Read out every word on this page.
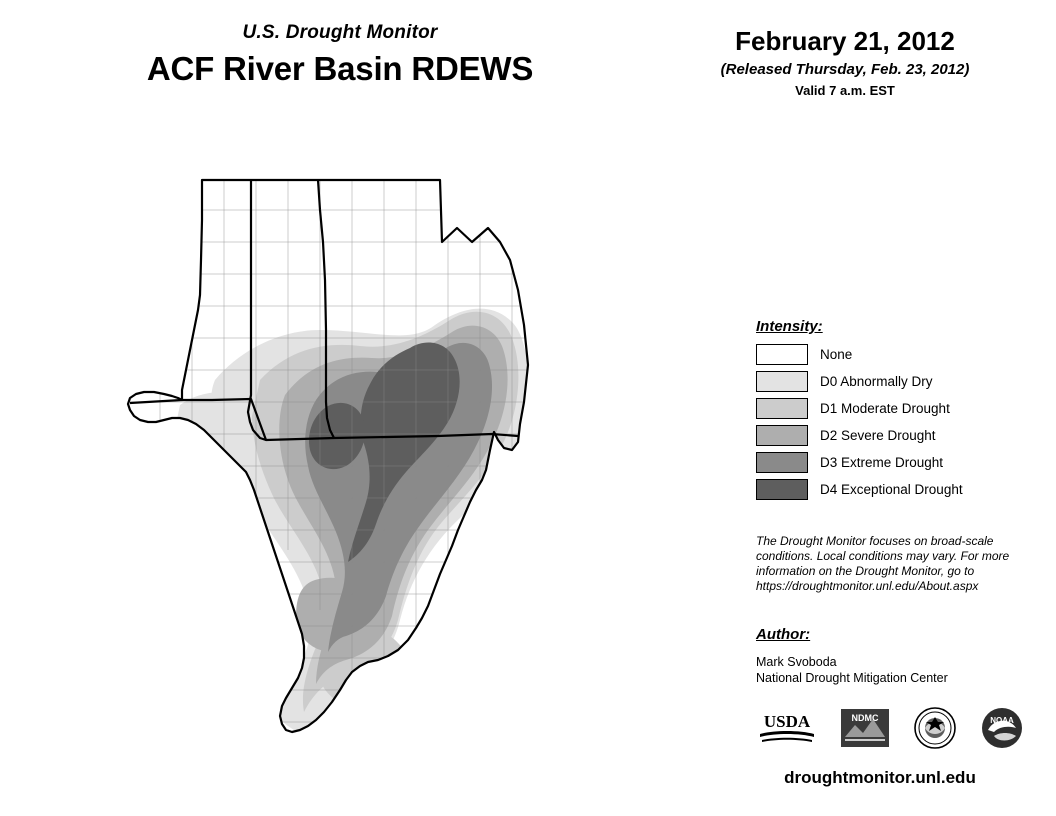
U.S. Drought Monitor
ACF River Basin RDEWS
February 21, 2012
(Released Thursday, Feb. 23, 2012)
Valid 7 a.m. EST
Intensity:
None
D0 Abnormally Dry
D1 Moderate Drought
D2 Severe Drought
D3 Extreme Drought
D4 Exceptional Drought
The Drought Monitor focuses on broad-scale conditions. Local conditions may vary. For more information on the Drought Monitor, go to https://droughtmonitor.unl.edu/About.aspx
Author:
Mark Svoboda
National Drought Mitigation Center
USDA	NDMC	NOAA
droughtmonitor.unl.edu
